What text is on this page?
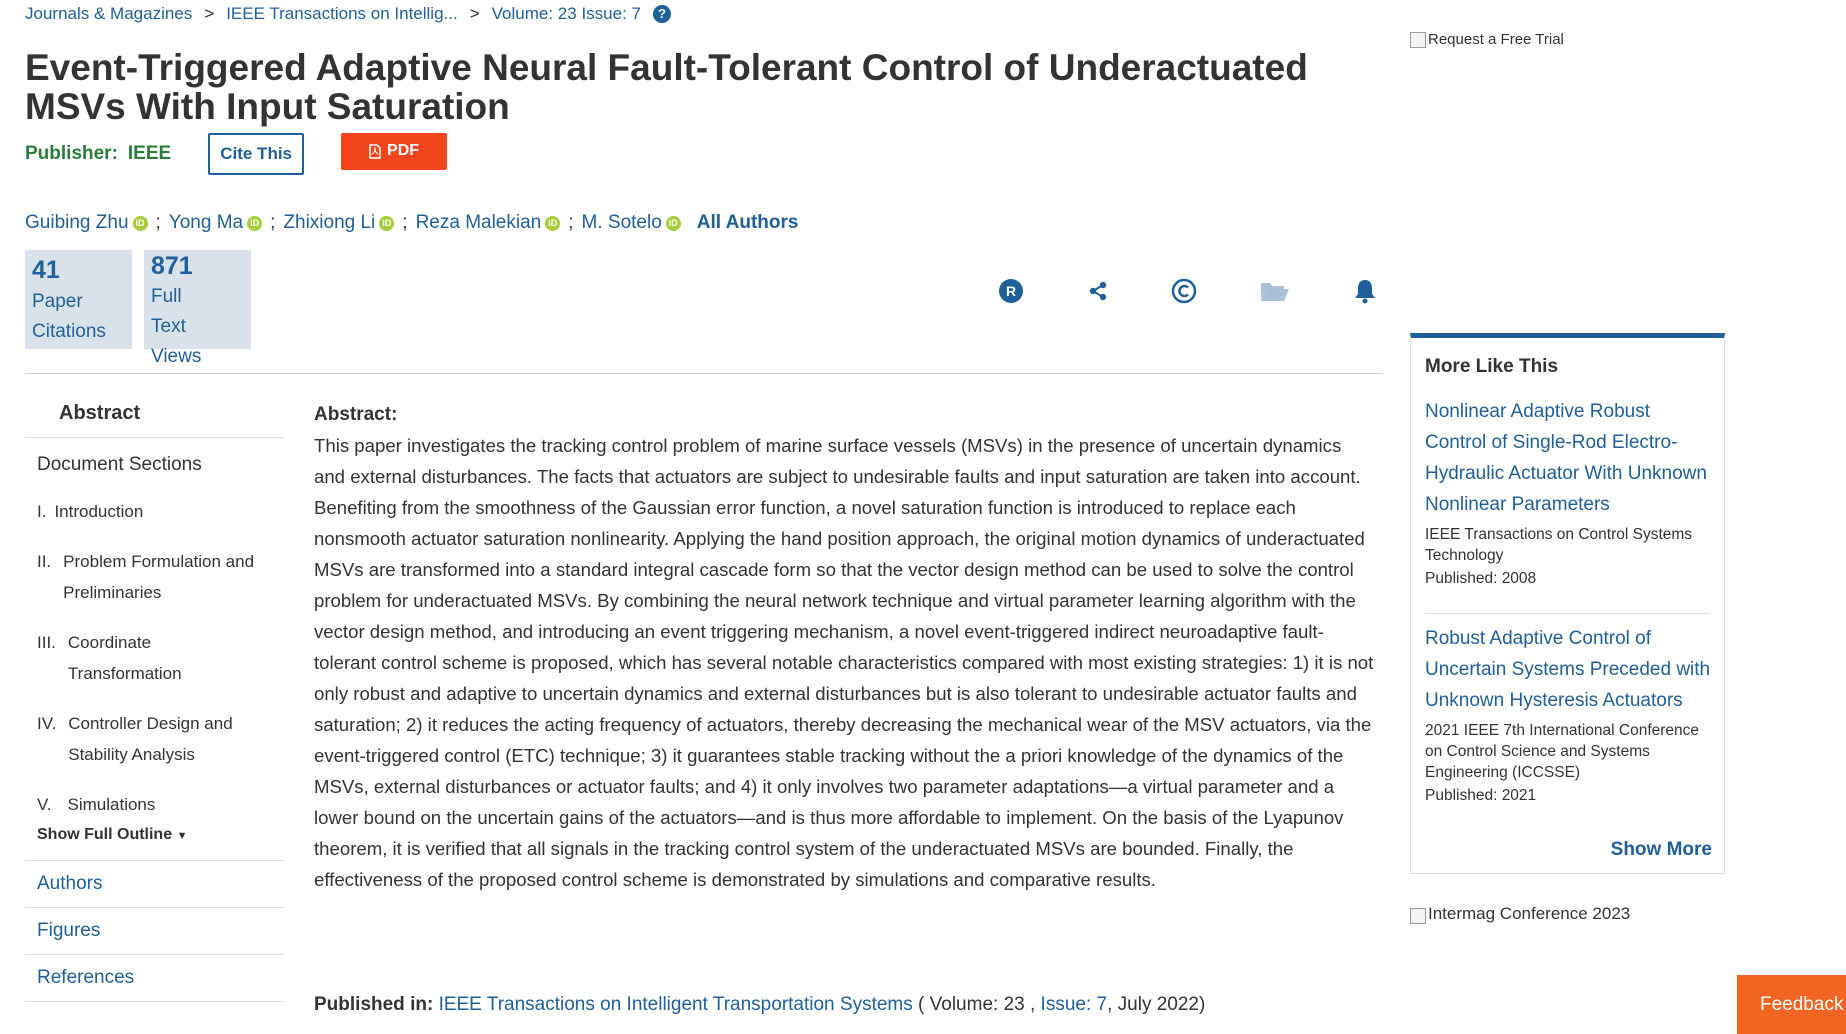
Journals & Magazines > IEEE Transactions on Intellig... > Volume: 23 Issue: 7	?
Event-Triggered Adaptive Neural Fault-Tolerant Control of Underactuated MSVs With Input Saturation
Publisher: IEEE	Cite This	PDF
Guibing Zhu iD ; Yong Ma iD ; Zhixiong Li iD ; Reza Malekian iD ; M. Sotelo iD All Authors
41
Paper
Citations
871
Full
Text
Views
R
Abstract
Document Sections
I. Introduction
II. Problem Formulation and Preliminaries
III. Coordinate Transformation
IV. Controller Design and Stability Analysis
V. Simulations
Show Full Outline ▼
Authors
Figures
References
Abstract:

This paper investigates the tracking control problem of marine surface vessels (MSVs) in the presence of uncertain dynamics and external disturbances. The facts that actuators are subject to undesirable faults and input saturation are taken into account. Benefiting from the smoothness of the Gaussian error function, a novel saturation function is introduced to replace each nonsmooth actuator saturation nonlinearity. Applying the hand position approach, the original motion dynamics of underactuated MSVs are transformed into a standard integral cascade form so that the vector design method can be used to solve the control problem for underactuated MSVs. By combining the neural network technique and virtual parameter learning algorithm with the vector design method, and introducing an event triggering mechanism, a novel event-triggered indirect neuroadaptive fault-tolerant control scheme is proposed, which has several notable characteristics compared with most existing strategies: 1) it is not only robust and adaptive to uncertain dynamics and external disturbances but is also tolerant to undesirable actuator faults and saturation; 2) it reduces the acting frequency of actuators, thereby decreasing the mechanical wear of the MSV actuators, via the event-triggered control (ETC) technique; 3) it guarantees stable tracking without the a priori knowledge of the dynamics of the MSVs, external disturbances or actuator faults; and 4) it only involves two parameter adaptations—a virtual parameter and a lower bound on the uncertain gains of the actuators—and is thus more affordable to implement. On the basis of the Lyapunov theorem, it is verified that all signals in the tracking control system of the underactuated MSVs are bounded. Finally, the effectiveness of the proposed control scheme is demonstrated by simulations and comparative results.

Published in: IEEE Transactions on Intelligent Transportation Systems ( Volume: 23 , Issue: 7, July 2022)
Request a Free Trial
More Like This
Nonlinear Adaptive Robust Control of Single-Rod Electro-Hydraulic Actuator With Unknown Nonlinear Parameters
IEEE Transactions on Control Systems Technology
Published: 2008
Robust Adaptive Control of Uncertain Systems Preceded with Unknown Hysteresis Actuators
2021 IEEE 7th International Conference on Control Science and Systems Engineering (ICCSSE)
Published: 2021
Show More
Intermag Conference 2023
Feedback
